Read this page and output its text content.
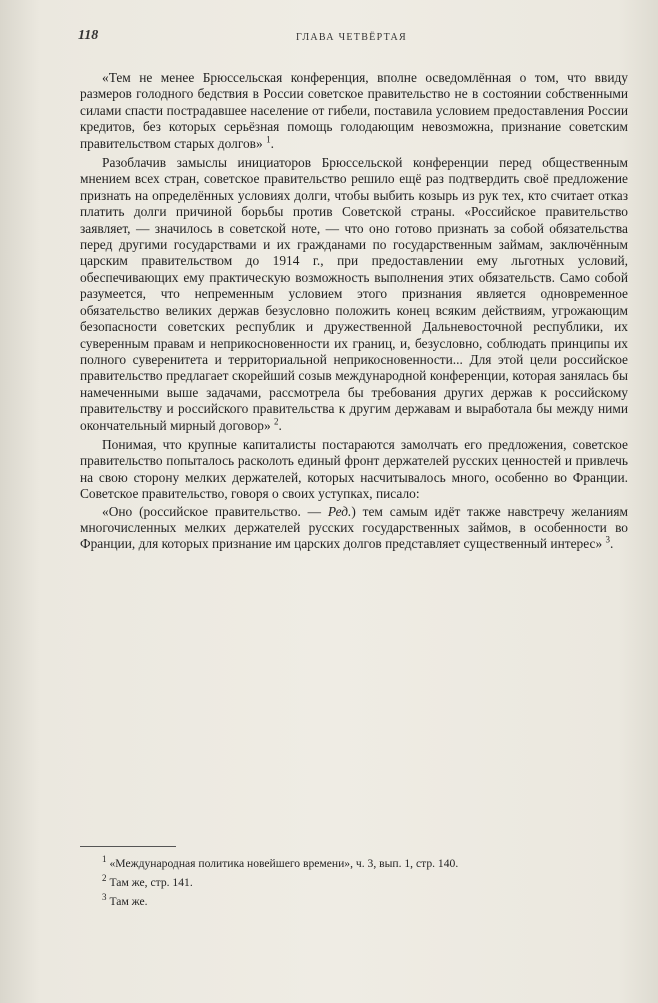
118	ГЛАВА ЧЕТВЁРТАЯ

«Тем не менее Брюссельская конференция, вполне осведомлённая о том, что ввиду размеров голодного бедствия в России советское правительство не в состоянии собственными силами спасти пострадавшее население от гибели, поставила условием предоставления России кредитов, без которых серьёзная помощь голодающим невозможна, признание советским правительством старых долгов» $^1$.

Разоблачив замыслы инициаторов Брюссельской конференции перед общественным мнением всех стран, советское правительство решило ещё раз подтвердить своё предложение признать на определённых условиях долги, чтобы выбить козырь из рук тех, кто считает отказ платить долги причиной борьбы против Советской страны. «Российское правительство заявляет, — значилось в советской ноте, — что оно готово признать за собой обязательства перед другими государствами и их гражданами по государственным займам, заключённым царским правительством до 1914 г., при предоставлении ему льготных условий, обеспечивающих ему практическую возможность выполнения этих обязательств. Само собой разумеется, что непременным условием этого признания является одновременное обязательство великих держав безусловно положить конец всяким действиям, угрожающим безопасности советских республик и дружественной Дальневосточной республики, их суверенным правам и неприкосновенности их границ, и, безусловно, соблюдать принципы их полного суверенитета и территориальной неприкосновенности... Для этой цели российское правительство предлагает скорейший созыв международной конференции, которая занялась бы намеченными выше задачами, рассмотрела бы требования других держав к российскому правительству и российского правительства к другим державам и выработала бы между ними окончательный мирный договор» $^2$.

Понимая, что крупные капиталисты постараются замолчать его предложения, советское правительство попыталось расколоть единый фронт держателей русских ценностей и привлечь на свою сторону мелких держателей, которых насчитывалось много, особенно во Франции. Советское правительство, говоря о своих уступках, писало:

«Оно (российское правительство. — Ред.) тем самым идёт также навстречу желаниям многочисленных мелких держателей русских государственных займов, в особенности во Франции, для которых признание им царских долгов представляет существенный интерес» $^3$.

$^1$ «Международная политика новейшего времени», ч. 3, вып. 1, стр. 140.

$^2$ Там же, стр. 141.

$^3$ Там же.
